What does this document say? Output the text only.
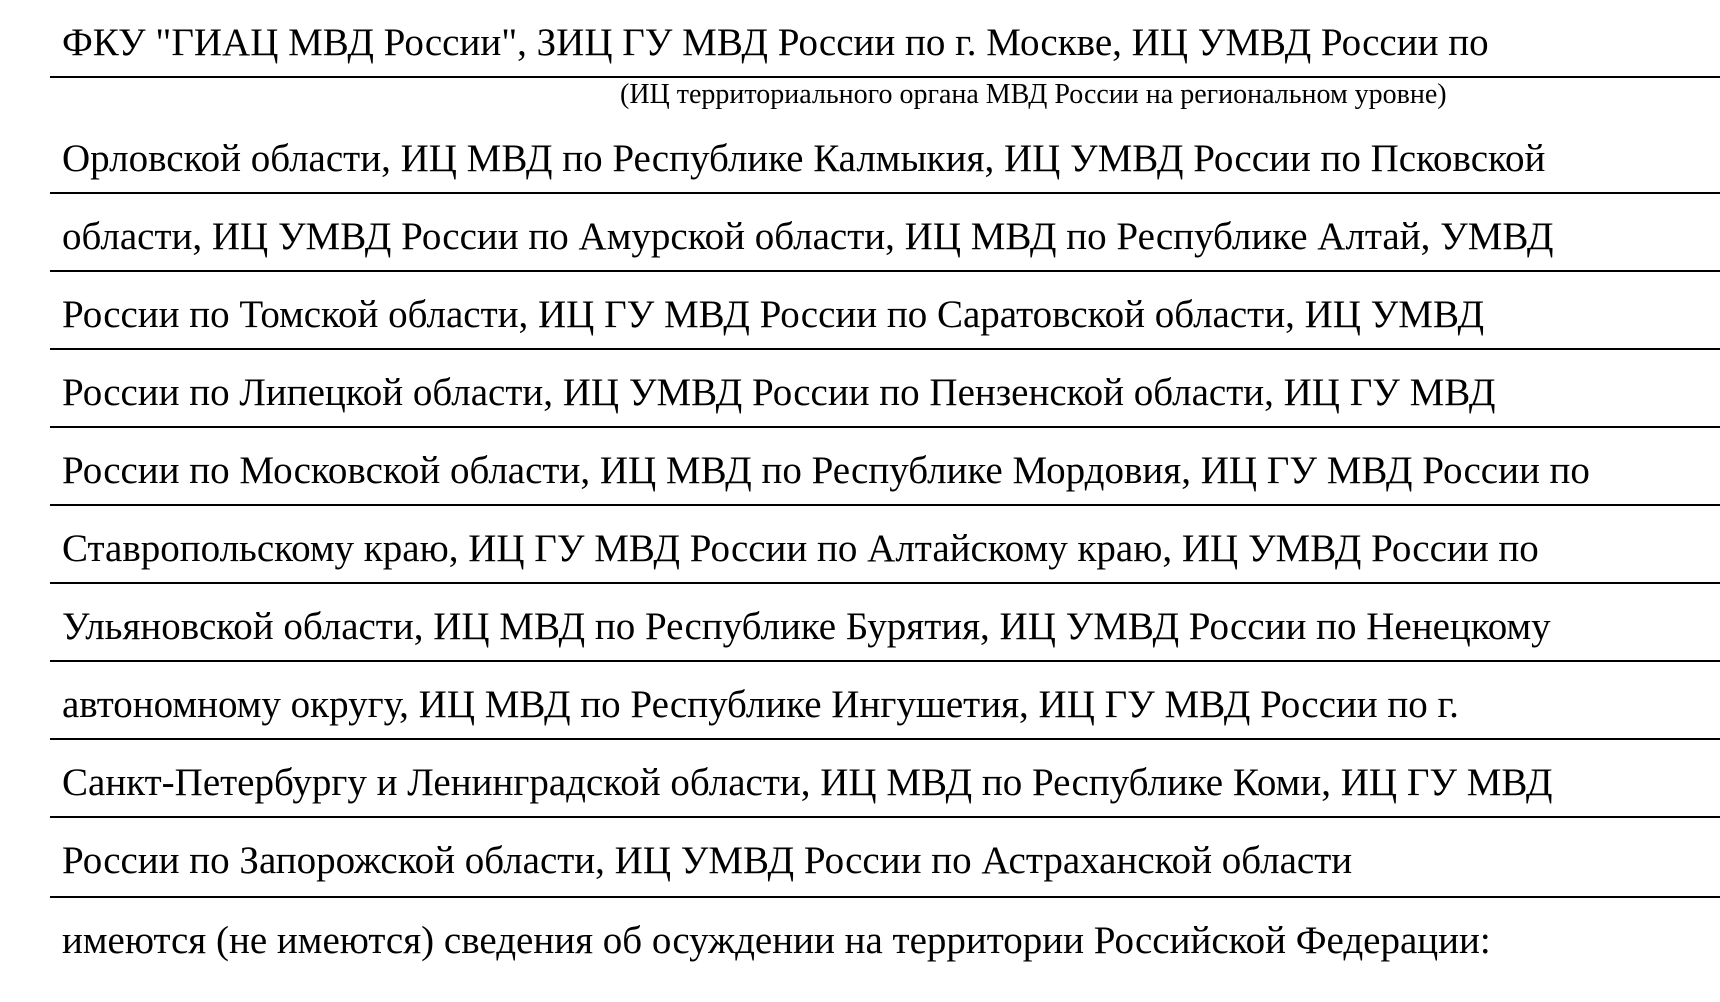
ФКУ "ГИАЦ МВД России", ЗИЦ ГУ МВД России по г. Москве, ИЦ УМВД России по
(ИЦ территориального органа МВД России на региональном уровне)
Орловской области, ИЦ МВД по Республике Калмыкия, ИЦ УМВД России по Псковской
области, ИЦ УМВД России по Амурской области, ИЦ МВД по Республике Алтай, УМВД
России по Томской области, ИЦ ГУ МВД России по Саратовской области, ИЦ УМВД
России по Липецкой области, ИЦ УМВД России по Пензенской области, ИЦ ГУ МВД
России по Московской области, ИЦ МВД по Республике Мордовия, ИЦ ГУ МВД России по
Ставропольскому краю, ИЦ ГУ МВД России по Алтайскому краю, ИЦ УМВД России по
Ульяновской области, ИЦ МВД по Республике Бурятия, ИЦ УМВД России по Ненецкому
автономному округу, ИЦ МВД по Республике Ингушетия, ИЦ ГУ МВД России по г.
Санкт-Петербургу и Ленинградской области, ИЦ МВД по Республике Коми, ИЦ ГУ МВД
России по Запорожской области, ИЦ УМВД России по Астраханской области
имеются (не имеются) сведения об осуждении на территории Российской Федерации:
